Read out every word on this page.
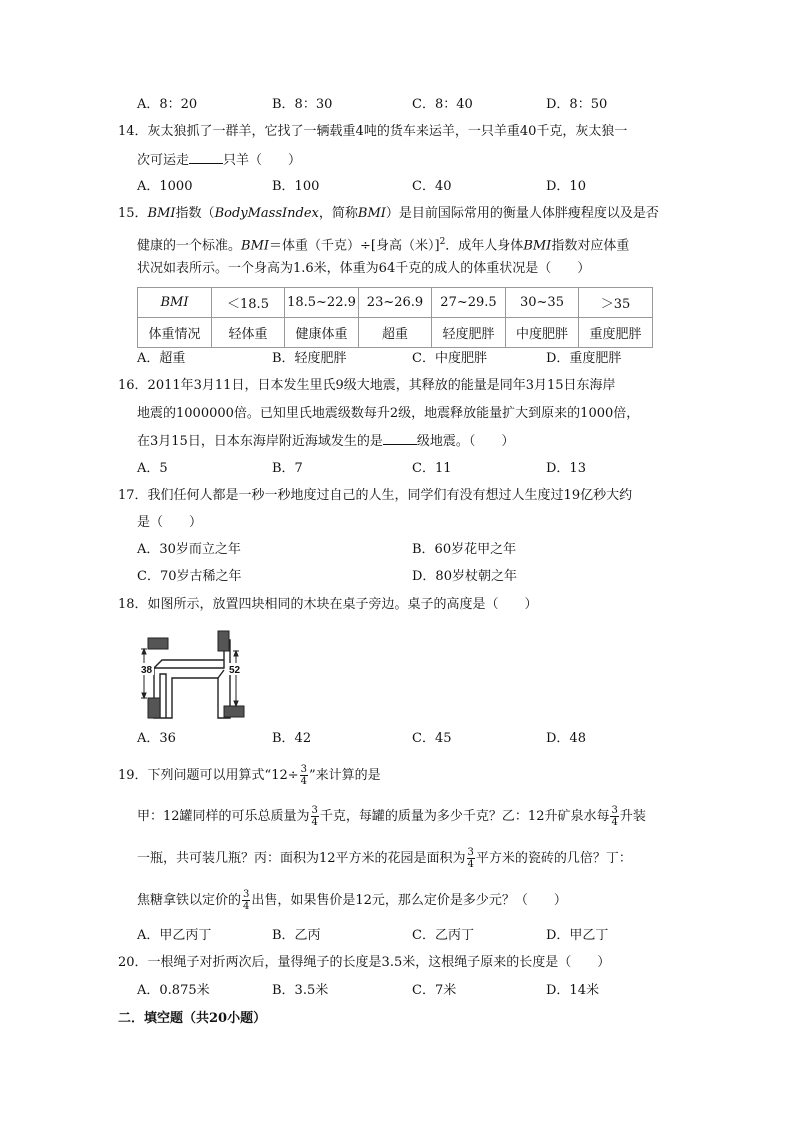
A．8：20	B．8：30	C．8：40	D．8：50
14．灰太狼抓了一群羊，它找了一辆载重4吨的货车来运羊，一只羊重40千克，灰太狼一
次可运走	只羊（　　）
A．1000	B．100	C．40	D．10
15．BMI指数（BodyMassIndex，简称BMI）是目前国际常用的衡量人体胖瘦程度以及是否
健康的一个标准。BMI＝体重（千克）÷[身高（米）]$^2$．成年人身体BMI指数对应体重
状况如表所示。一个身高为1.6米，体重为64千克的成人的体重状况是（　　）
BMI	＜18.5	18.5~22.9	23~26.9	27~29.5	30~35	＞35
体重情况	轻体重	健康体重	超重	轻度肥胖	中度肥胖	重度肥胖
A．超重	B．轻度肥胖	C．中度肥胖	D．重度肥胖
16．2011年3月11日，日本发生里氏9级大地震，其释放的能量是同年3月15日东海岸
地震的1000000倍。已知里氏地震级数每升2级，地震释放能量扩大到原来的1000倍，
在3月15日，日本东海岸附近海域发生的是	级地震。（　　）
A．5	B．7	C．11	D．13
17．我们任何人都是一秒一秒地度过自己的人生，同学们有没有想过人生度过19亿秒大约
是（　　）
A．30岁而立之年	B．60岁花甲之年
C．70岁古稀之年	D．80岁杖朝之年
18．如图所示，放置四块相同的木块在桌子旁边。桌子的高度是（　　）
38	52
A．36	B．42	C．45	D．48
19．下列问题可以用算式“$12\div \frac{3}{4}$ ”来计算的是
甲：12罐同样的可乐总质量为 $\frac{3}{4}$ 千克，每罐的质量为多少千克？乙：12升矿泉水每 $\frac{3}{4}$ 升装
一瓶，共可装几瓶？丙：面积为12平方米的花园是面积为 $\frac{3}{4}$ 平方米的瓷砖的几倍？丁：
焦糖拿铁以定价的 $\frac{3}{4}$ 出售，如果售价是12元，那么定价是多少元？（　　）
A．甲乙丙丁	B．乙丙	C．乙丙丁	D．甲乙丁
20．一根绳子对折两次后，量得绳子的长度是3.5米，这根绳子原来的长度是（　　）
A．0.875米	B．3.5米	C．7米	D．14米
二．填空题（共20小题）
